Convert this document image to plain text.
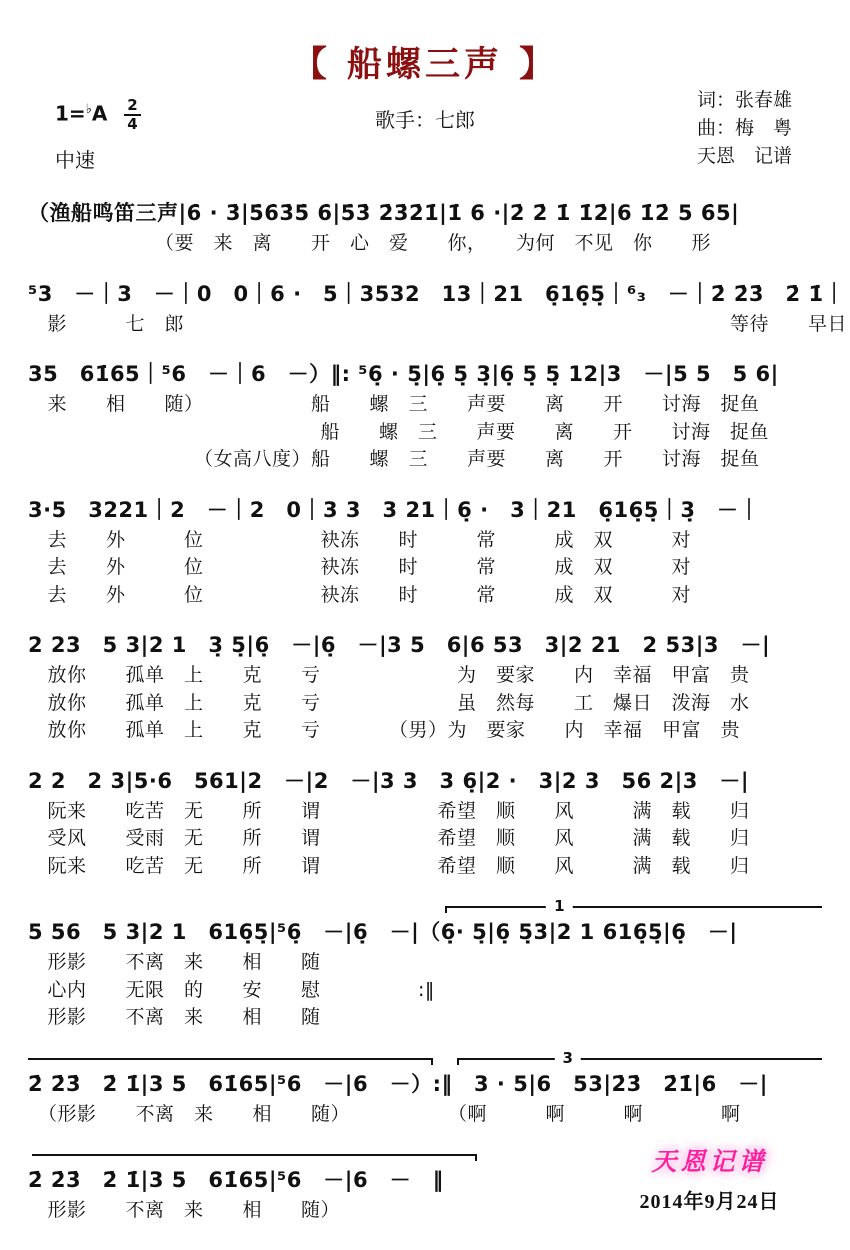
【 船螺三声 】
$1=^♭A \frac{2}{4}$
中速
歌手：七郎
词：张春雄
曲：梅　粤
天恩　记谱
（渔船鸣笛三声|6̇ · 3̇|5̇6̇3̇5̇ 6̇|5̇3̇ 2̇3̇2̇1̇|1̇ 6 ·|2̇ 2̇ 1̇ 1̇2̇|6 1̇2̇ 5 6̇5|
　　　　　　　（要　来　离　　开　心　爱　　你，　　为何　不见　你　　形
⁵3　－｜3　－｜0　0｜6 ·　5｜3532　13｜21　6̣16̣5̣｜⁶₃　－｜2̇ 2̇3̇　2̇ 1̇｜
　影　　　七　郎　　　　　　　　　　　　　　　　　　　　　　　　　　　　等待　　早日
35　61̇65｜⁵6　－｜6　－）‖: ⁵6̣ · 5̣|6̣ 5̣ 3̣|6̣ 5̣ 5̣ 12|3　－|5 5　5 6|
　来　　相　　随）　　　　　　船　　螺　三　　声要　　离　　开　　讨海　捉鱼
　　　　　　　　　　　　　　　船　　螺　三　　声要　　离　　开　　讨海　捉鱼
　　　　　　　　　（女高八度）船　　螺　三　　声要　　离　　开　　讨海　捉鱼
3·5　3221｜2　－｜2　0｜3 3　3 21｜6̣ ·　3｜21　6̣16̣5̣｜3̣　－｜
　去　　外　　　位　　　　　　袂冻　　时　　　常　　　成　双　　　对
　去　　外　　　位　　　　　　袂冻　　时　　　常　　　成　双　　　对
　去　　外　　　位　　　　　　袂冻　　时　　　常　　　成　双　　　对
2 23　5 3|2 1　3̣ 5̣|6̣　－|6̣　－|3 5　6|6 53　3|2 21　2 53|3　－|
　放你　　孤单　上　　克　　亏　　　　　　　为　要家　　内　幸福　甲富　贵
　放你　　孤单　上　　克　　亏　　　　　　　虽　然每　　工　爆日　泼海　水
　放你　　孤单　上　　克　　亏　　　　（男）为　要家　　内　幸福　甲富　贵
2 2　2 3|5·6　561|2　－|2　－|3 3　3 6̣|2 ·　3|2 3　56 2|3　－|
　阮来　　吃苦　无　　所　　谓　　　　　　希望　顺　　风　　　满　载　　归
　受风　　受雨　无　　所　　谓　　　　　　希望　顺　　风　　　满　载　　归
　阮来　　吃苦　无　　所　　谓　　　　　　希望　顺　　风　　　满　载　　归
1
5 56　5 3|2 1　616̣5̣|⁵6̣　－|6̣　－|（6̣· 5̣|6̣ 5̣3|2 1 616̣5̣|6̣　－|
　形影　　不离　来　　相　　随
　心内　　无限　的　　安　　慰　　　　　:‖
　形影　　不离　来　　相　　随
3
2̇ 2̇3̇　2̇ 1̇|3 5　61̇65|⁵6　－|6　－）:‖　3 · 5|6　53|2̇3̇　2̇1̇|6　－|
　（形影　　不离　来　　相　　随）　　　　　　（啊　　　啊　　　啊　　　　啊
2̇ 2̇3̇　2̇ 1̇|3 5　61̇65|⁵6　－|6　－　‖
　形影　　不离　来　　相　　随）
天恩记谱
2014年9月24日
